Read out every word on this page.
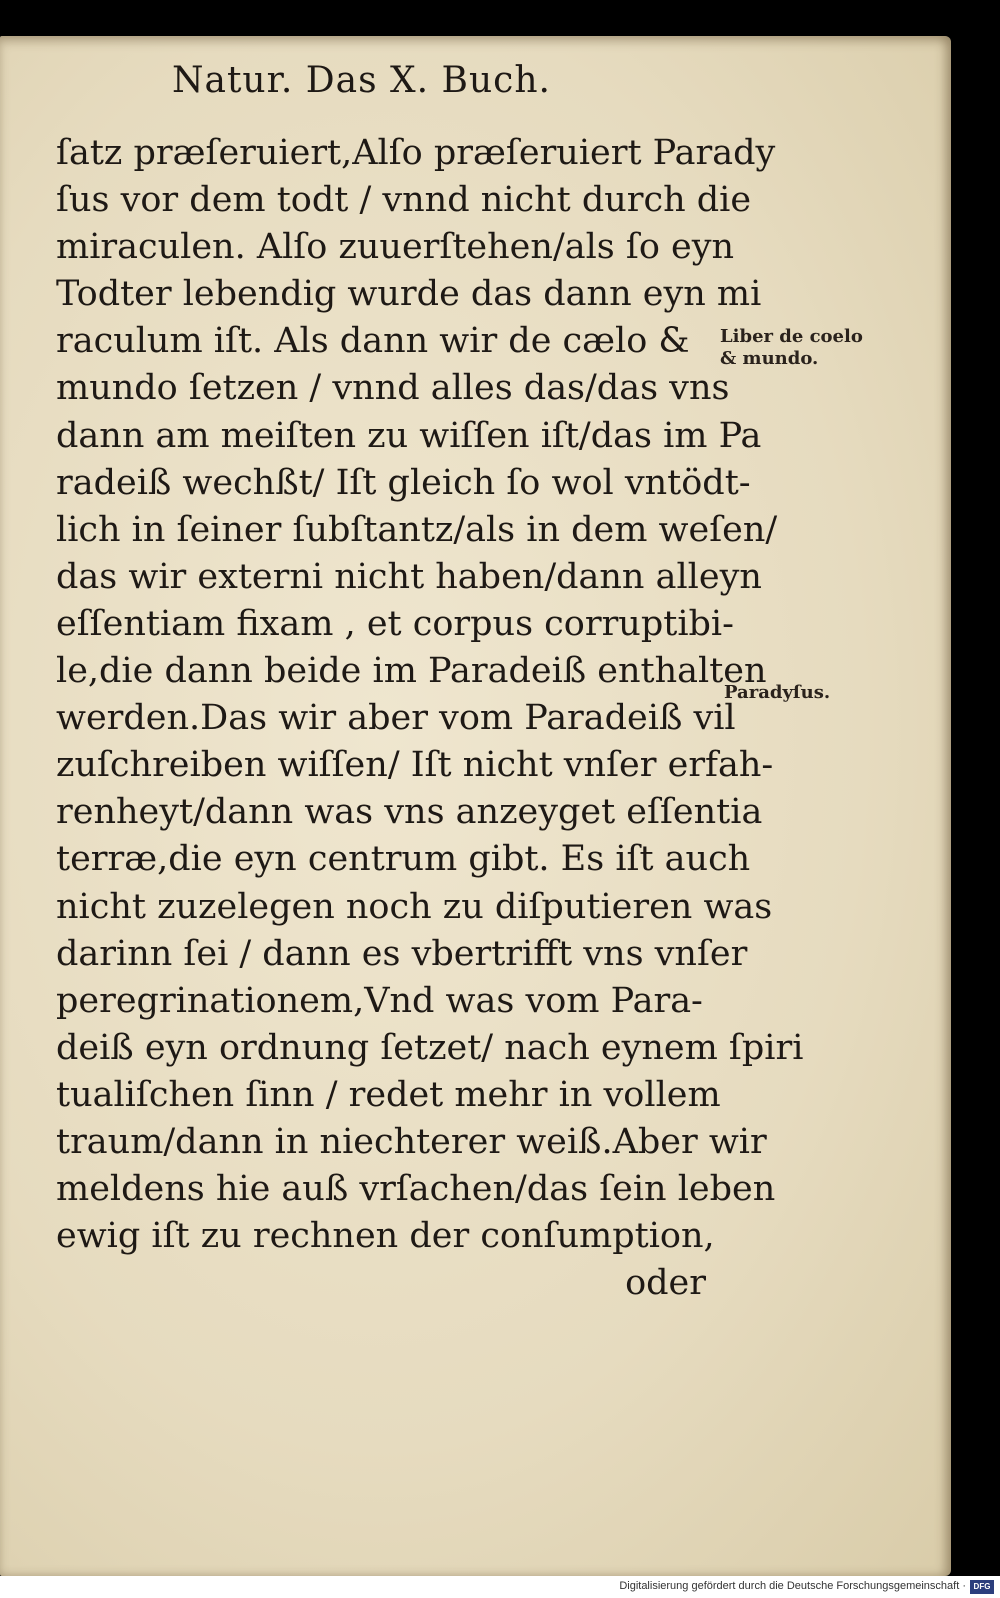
Natur. Das X. Buch.
ſatz præſeruiert,Alſo præſeruiert Parady
ſus vor dem todt / vnnd nicht durch die
miraculen. Alſo zuuerſtehen/als ſo eyn
Todter lebendig wurde das dann eyn mi
raculum iſt. Als dann wir de cælo &
mundo ſetzen / vnnd alles das/das vns
dann am meiſten zu wiſſen iſt/das im Pa
radeiß wechßt/ Iſt gleich ſo wol vntödt-
lich in ſeiner ſubſtantz/als in dem weſen/
das wir externi nicht haben/dann alleyn
eſſentiam fixam , et corpus corruptibi-
le,die dann beide im Paradeiß enthalten
werden.Das wir aber vom Paradeiß vil
zuſchreiben wiſſen/ Iſt nicht vnſer erfah-
renheyt/dann was vns anzeyget eſſentia
terræ,die eyn centrum gibt. Es iſt auch
nicht zuzelegen noch zu diſputieren was
darinn ſei / dann es vbertrifft vns vnſer
peregrinationem,Vnd was vom Para-
deiß eyn ordnung ſetzet/ nach eynem ſpiri
tualiſchen ſinn / redet mehr in vollem
traum/dann in niechterer weiß.Aber wir
meldens hie auß vrſachen/das ſein leben
ewig iſt zu rechnen der conſumption,
oder
Liber de coelo
& mundo.
Paradyſus.
Digitalisierung gefördert durch die Deutsche Forschungsgemeinschaft · DFG
